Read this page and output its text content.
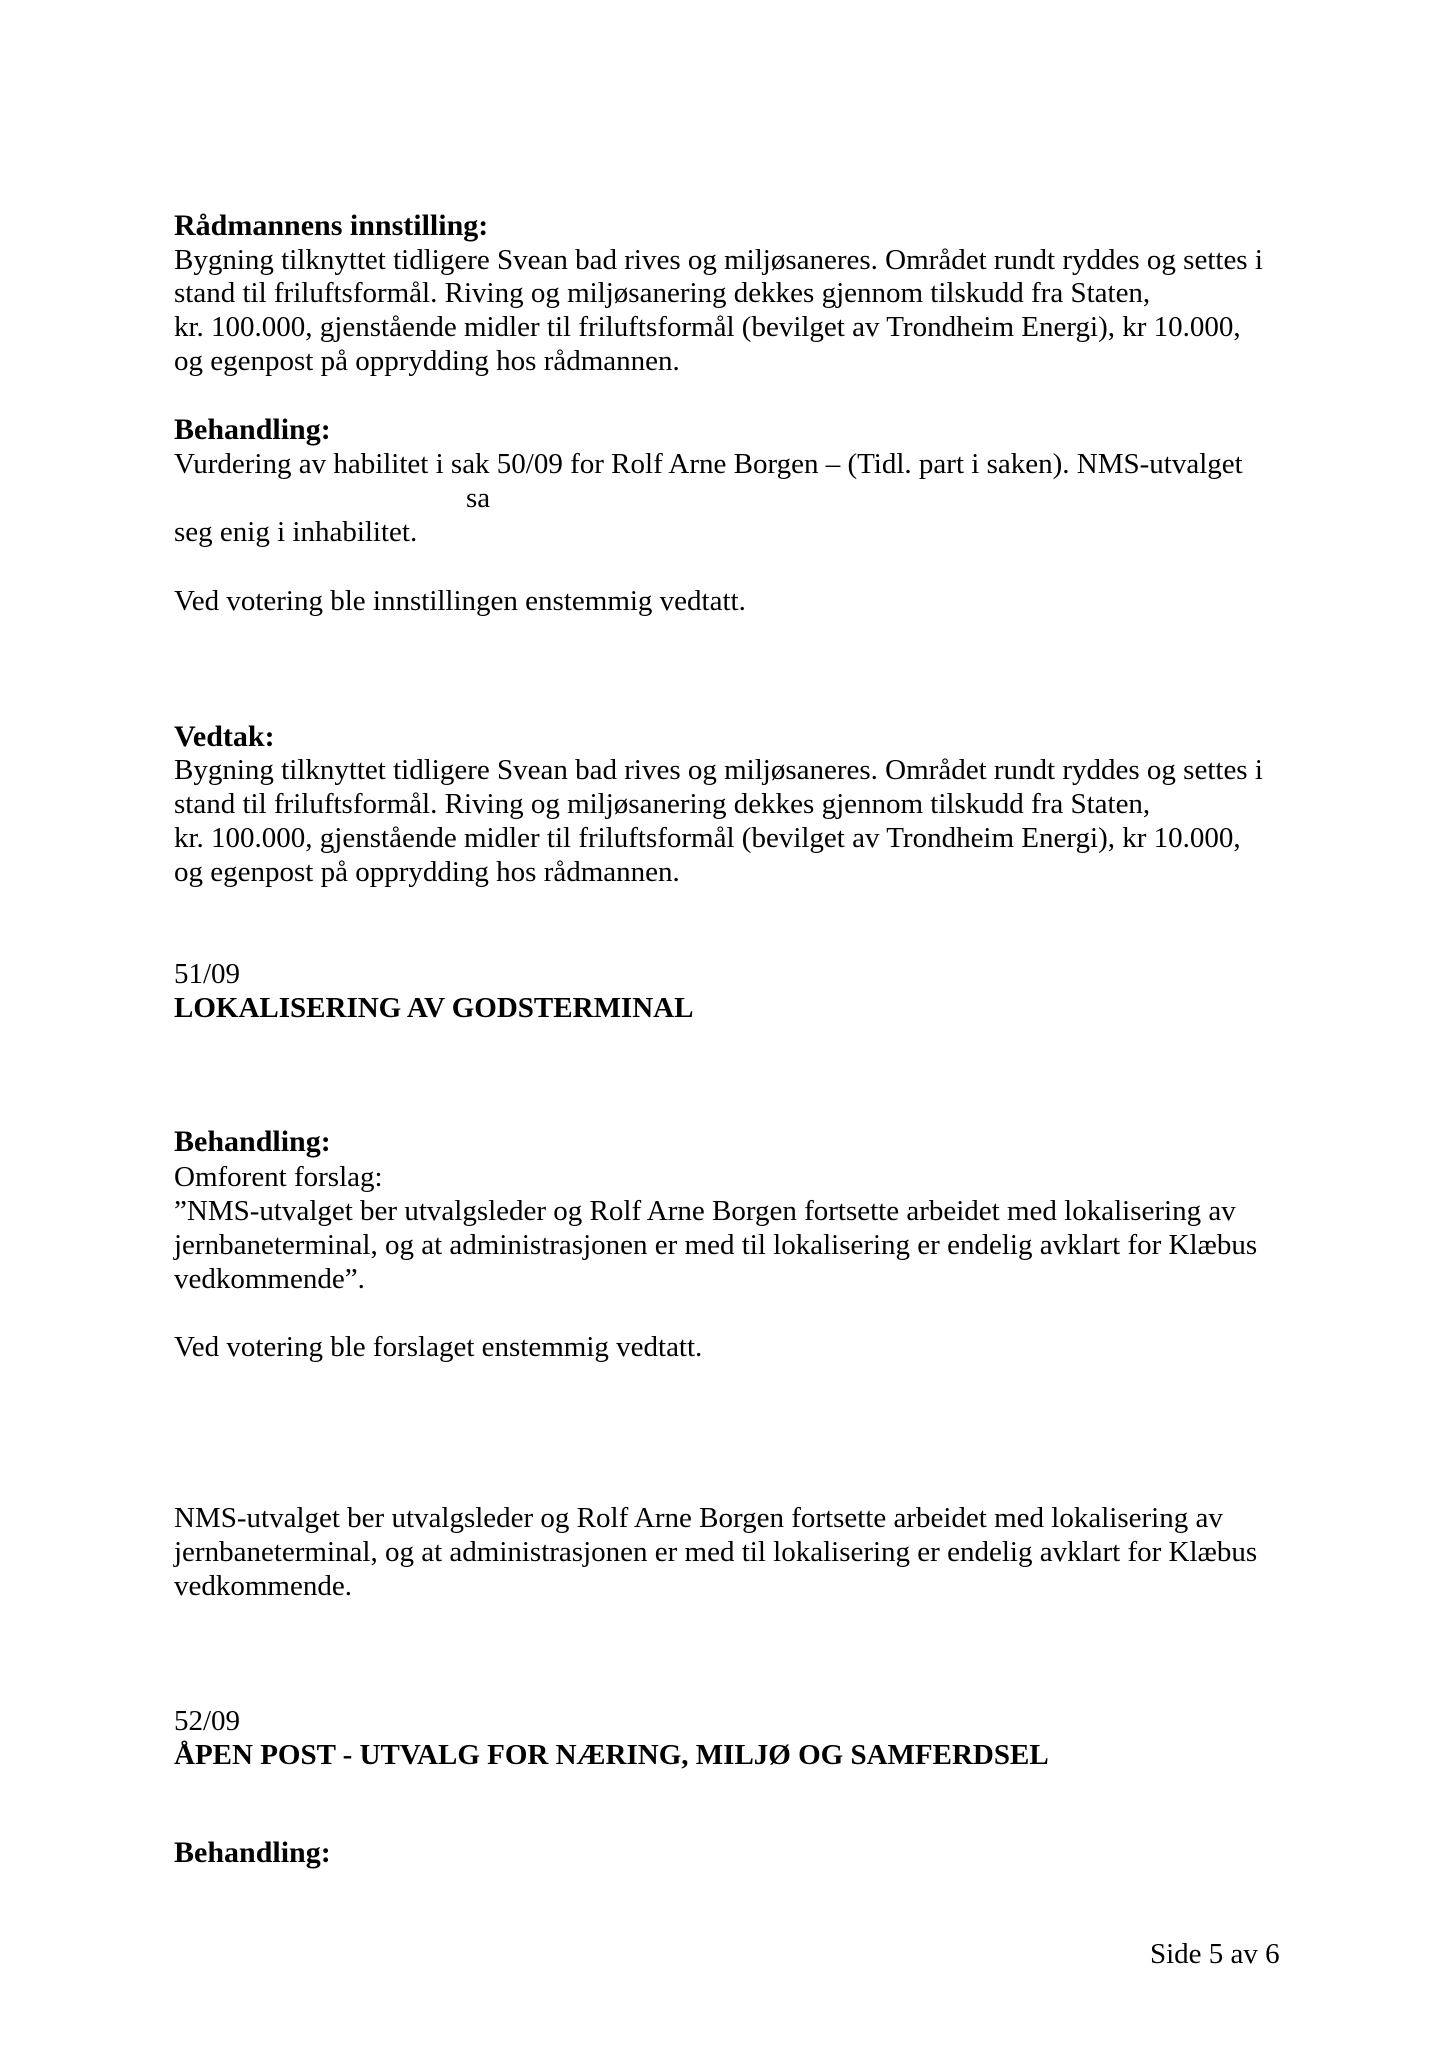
Rådmannens innstilling:
Bygning tilknyttet tidligere Svean bad rives og miljøsaneres. Området rundt ryddes og settes i
stand til friluftsformål. Riving og miljøsanering dekkes gjennom tilskudd fra Staten,
kr. 100.000, gjenstående midler til friluftsformål (bevilget av Trondheim Energi), kr 10.000,
og egenpost på opprydding hos rådmannen.
Behandling:
Vurdering av habilitet i sak 50/09 for Rolf Arne Borgen – (Tidl. part i saken). NMS-utvalget
sa
seg enig i inhabilitet.
Ved votering ble innstillingen enstemmig vedtatt.
Vedtak:
Bygning tilknyttet tidligere Svean bad rives og miljøsaneres. Området rundt ryddes og settes i
stand til friluftsformål. Riving og miljøsanering dekkes gjennom tilskudd fra Staten,
kr. 100.000, gjenstående midler til friluftsformål (bevilget av Trondheim Energi), kr 10.000,
og egenpost på opprydding hos rådmannen.
51/09
LOKALISERING AV GODSTERMINAL
Behandling:
Omforent forslag:
”NMS-utvalget ber utvalgsleder og Rolf Arne Borgen fortsette arbeidet med lokalisering av
jernbaneterminal, og at administrasjonen er med til lokalisering er endelig avklart for Klæbus
vedkommende”.
Ved votering ble forslaget enstemmig vedtatt.
NMS-utvalget ber utvalgsleder og Rolf Arne Borgen fortsette arbeidet med lokalisering av
jernbaneterminal, og at administrasjonen er med til lokalisering er endelig avklart for Klæbus
vedkommende.
52/09
ÅPEN POST - UTVALG FOR NÆRING, MILJØ OG SAMFERDSEL
Behandling:
Side 5 av 6
